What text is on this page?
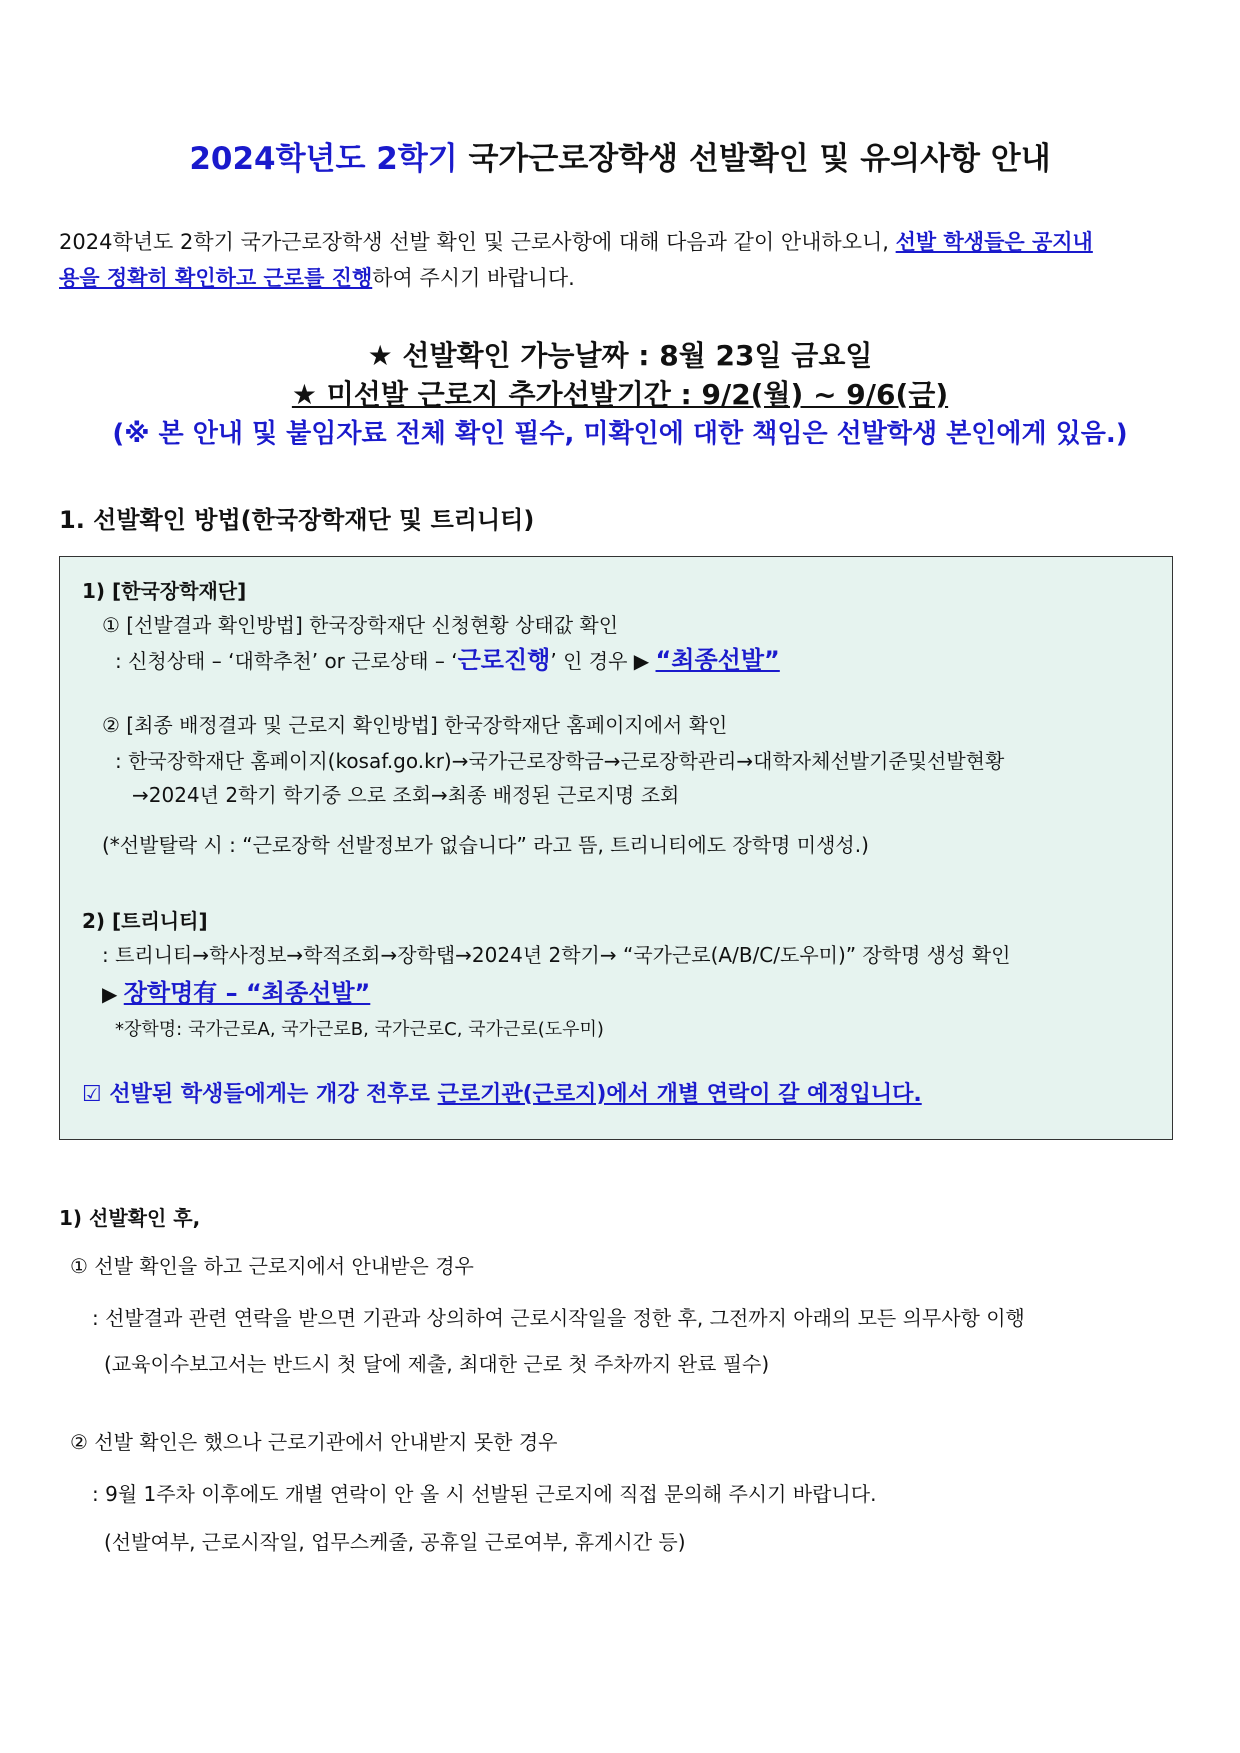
2024학년도 2학기 국가근로장학생 선발확인 및 유의사항 안내
2024학년도 2학기 국가근로장학생 선발 확인 및 근로사항에 대해 다음과 같이 안내하오니, 선발 학생들은 공지내
용을 정확히 확인하고 근로를 진행하여 주시기 바랍니다.
★ 선발확인 가능날짜 : 8월 23일 금요일
★ 미선발 근로지 추가선발기간 : 9/2(월) ~ 9/6(금)
(※ 본 안내 및 붙임자료 전체 확인 필수, 미확인에 대한 책임은 선발학생 본인에게 있음.)
1. 선발확인 방법(한국장학재단 및 트리니티)
1) [한국장학재단]
① [선발결과 확인방법] 한국장학재단 신청현황 상태값 확인
: 신청상태 – ‘대학추천’ or 근로상태 – ‘근로진행’ 인 경우 ▶ “최종선발”
② [최종 배정결과 및 근로지 확인방법] 한국장학재단 홈페이지에서 확인
: 한국장학재단 홈페이지(kosaf.go.kr)→국가근로장학금→근로장학관리→대학자체선발기준및선발현황
→2024년 2학기 학기중 으로 조회→최종 배정된 근로지명 조회
(*선발탈락 시 : “근로장학 선발정보가 없습니다” 라고 뜸, 트리니티에도 장학명 미생성.)
2) [트리니티]
: 트리니티→학사정보→학적조회→장학탭→2024년 2학기→ “국가근로(A/B/C/도우미)” 장학명 생성 확인
▶ 장학명有 – “최종선발”
*장학명: 국가근로A, 국가근로B, 국가근로C, 국가근로(도우미)
☑ 선발된 학생들에게는 개강 전후로 근로기관(근로지)에서 개별 연락이 갈 예정입니다.
1) 선발확인 후,
① 선발 확인을 하고 근로지에서 안내받은 경우
: 선발결과 관련 연락을 받으면 기관과 상의하여 근로시작일을 정한 후, 그전까지 아래의 모든 의무사항 이행
(교육이수보고서는 반드시 첫 달에 제출, 최대한 근로 첫 주차까지 완료 필수)
② 선발 확인은 했으나 근로기관에서 안내받지 못한 경우
: 9월 1주차 이후에도 개별 연락이 안 올 시 선발된 근로지에 직접 문의해 주시기 바랍니다.
(선발여부, 근로시작일, 업무스케줄, 공휴일 근로여부, 휴게시간 등)
